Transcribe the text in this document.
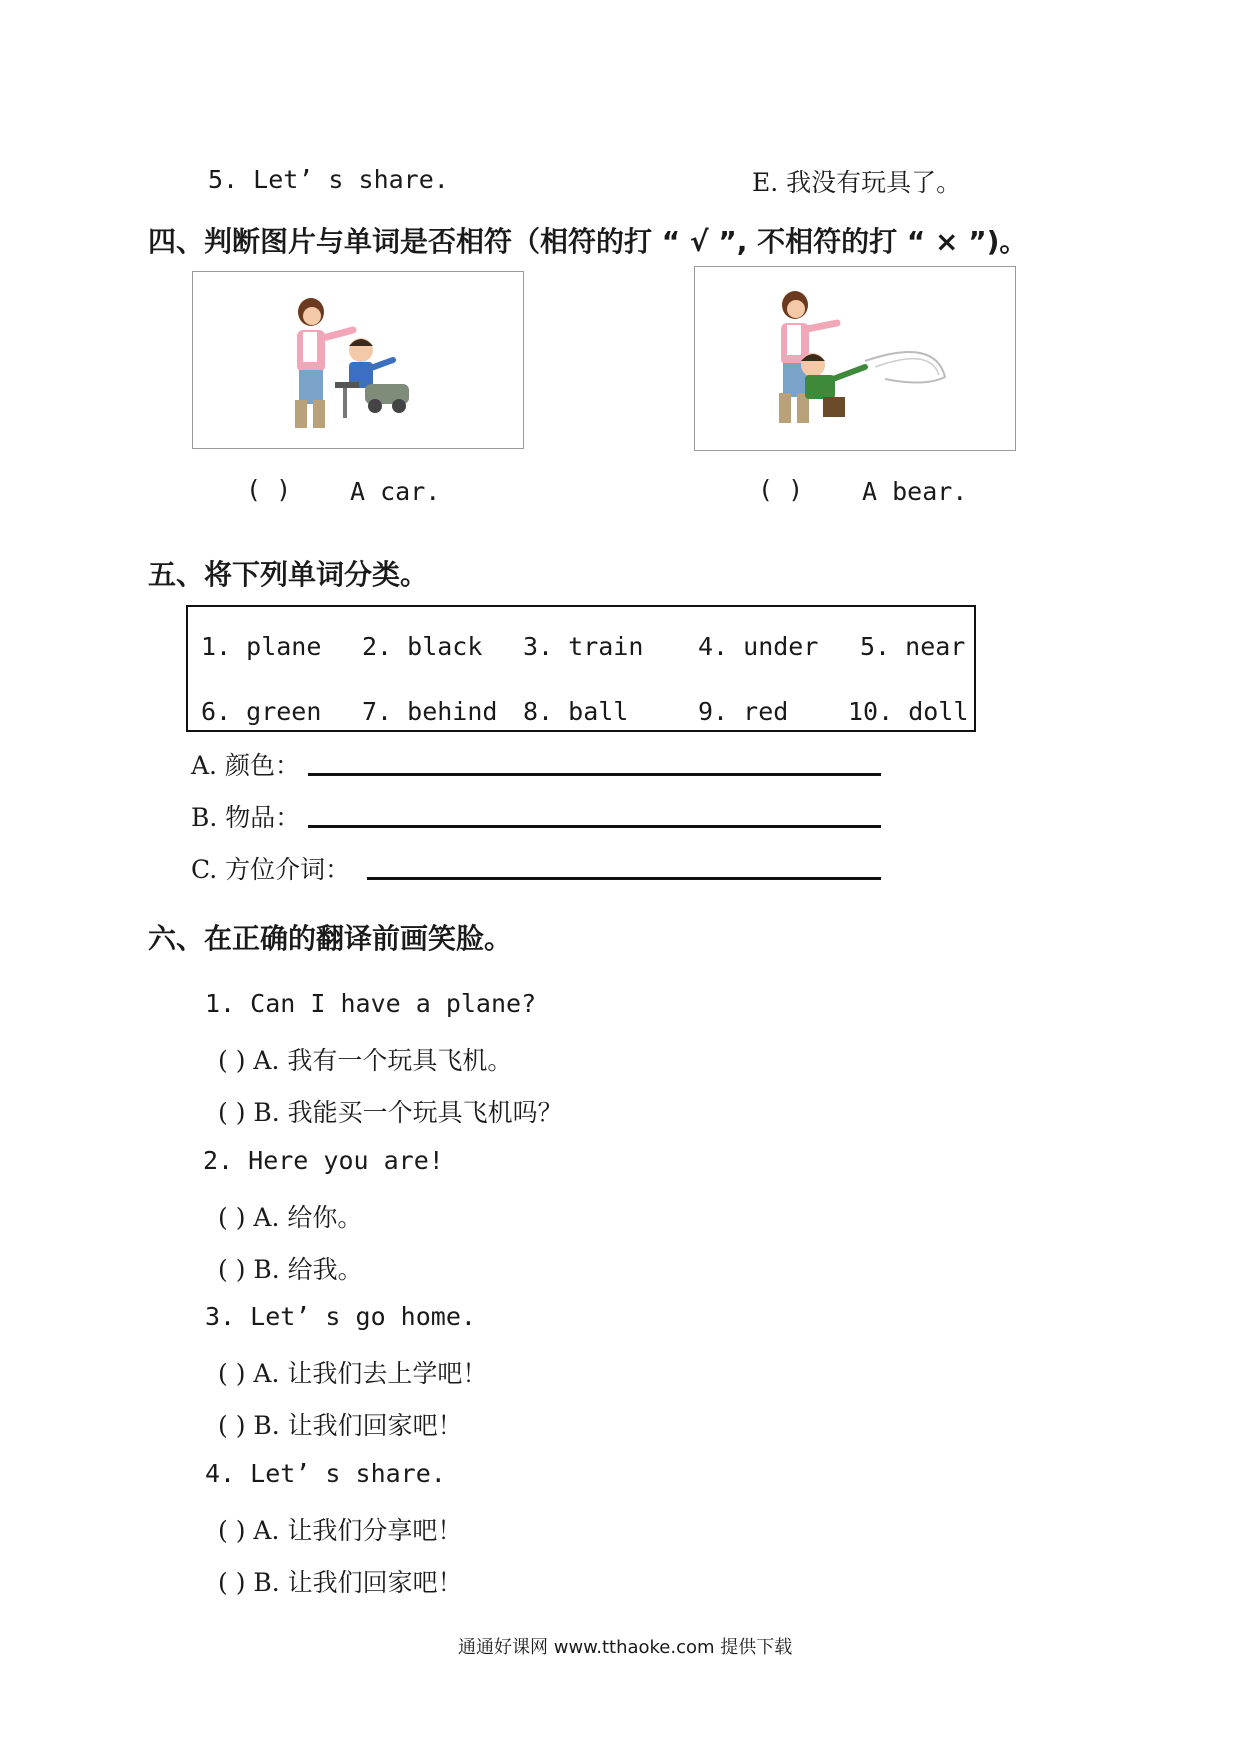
5. Let’ s share.	E. 我没有玩具了。
四、判断图片与单词是否相符（相符的打 “ √ ”, 不相符的打 “ × ”)。
( ) A car.	( ) A bear.
五、将下列单词分类。
1. plane 2. black 3. train 4. under 5. near
6. green 7. behind 8. ball	9. red 10. doll
A. 颜色：
B. 物品：
C. 方位介词：
六、在正确的翻译前画笑脸。
1. Can I have a plane?
( ) A. 我有一个玩具飞机。
( ) B. 我能买一个玩具飞机吗？
2. Here you are!
( ) A. 给你。
( ) B. 给我。
3. Let’ s go home.
( ) A. 让我们去上学吧！
( ) B. 让我们回家吧！
4. Let’ s share.
( ) A. 让我们分享吧！
( ) B. 让我们回家吧！
通通好课网 www.tthaoke.com 提供下载
